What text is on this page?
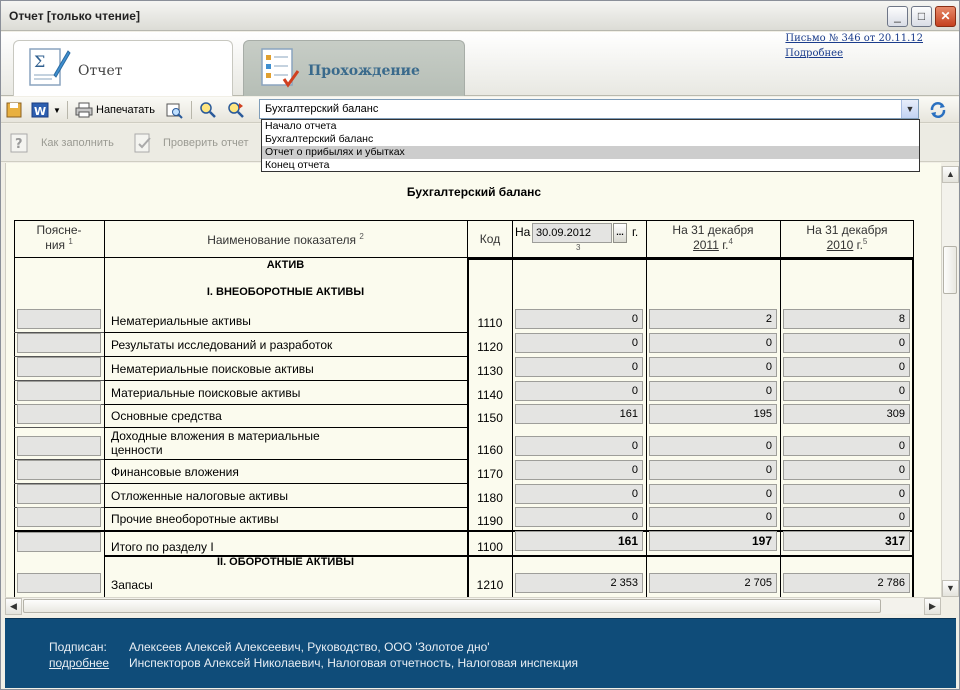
Отчет [только чтение]	_	□	✕
Σ Отчет	Прохождение
Письмо № 346 от 20.11.12
Подробнее
W ▼	Напечатать	Бухгалтерский баланс	▼
Начало отчета
Бухгалтерский баланс
Отчет о прибылях и убытках
Конец отчета
? Как заполнить	Проверить отчет
Бухгалтерский баланс
Поясне-
ния $^1$	Наименование показателя $^2$	Код	На 30.09.2012	... г.
3
На 31 декабря
2011 г.$^4$
На 31 декабря
2010 г.$^5$
АКТИВ
I. ВНЕОБОРОТНЫЕ АКТИВЫ
Нематериальные активы	1110	0	2	8
Результаты исследований и разработок	1120	0	0	0
Нематериальные поисковые активы	1130	0	0	0
Материальные поисковые активы	1140	0	0	0
Основные средства	1150	161	195	309
Доходные вложения в материальные
ценности	1160	0	0	0
Финансовые вложения	1170	0	0	0
Отложенные налоговые активы	1180	0	0	0
Прочие внеоборотные активы	1190	0	0	0
Итого по разделу I	1100	161	197	317
II. ОБОРОТНЫЕ АКТИВЫ
Запасы	1210	2 353	2 705	2 786
▲
▼
◀	▶
Подписан:
подробнее
Алексеев Алексей Алексеевич, Руководство, ООО 'Золотое дно'
Инспекторов Алексей Николаевич, Налоговая отчетность, Налоговая инспекция
